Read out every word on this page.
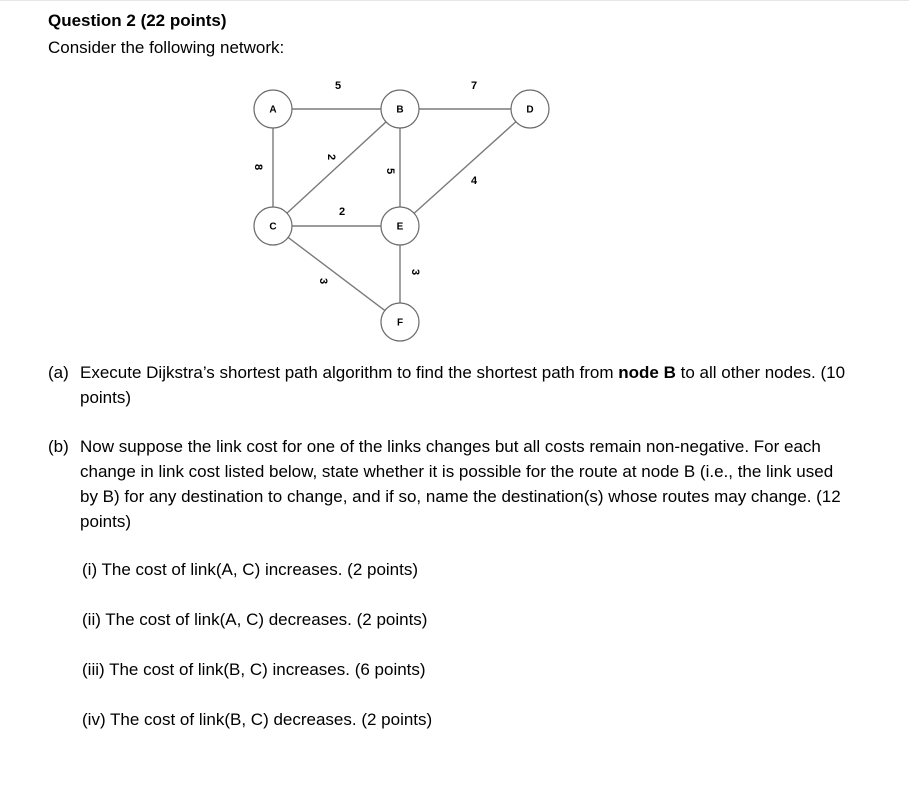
Question 2 (22 points)
Consider the following network:
5	7
8
2
5
4
2
3
3
A	B	D
C	E
F
(a) Execute Dijkstra’s shortest path algorithm to find the shortest path from node B to all other nodes. (10 points)
(b) Now suppose the link cost for one of the links changes but all costs remain non-negative. For each change in link cost listed below, state whether it is possible for the route at node B (i.e., the link used by B) for any destination to change, and if so, name the destination(s) whose routes may change. (12 points)
(i) The cost of link(A, C) increases. (2 points)
(ii) The cost of link(A, C) decreases. (2 points)
(iii) The cost of link(B, C) increases. (6 points)
(iv) The cost of link(B, C) decreases. (2 points)
